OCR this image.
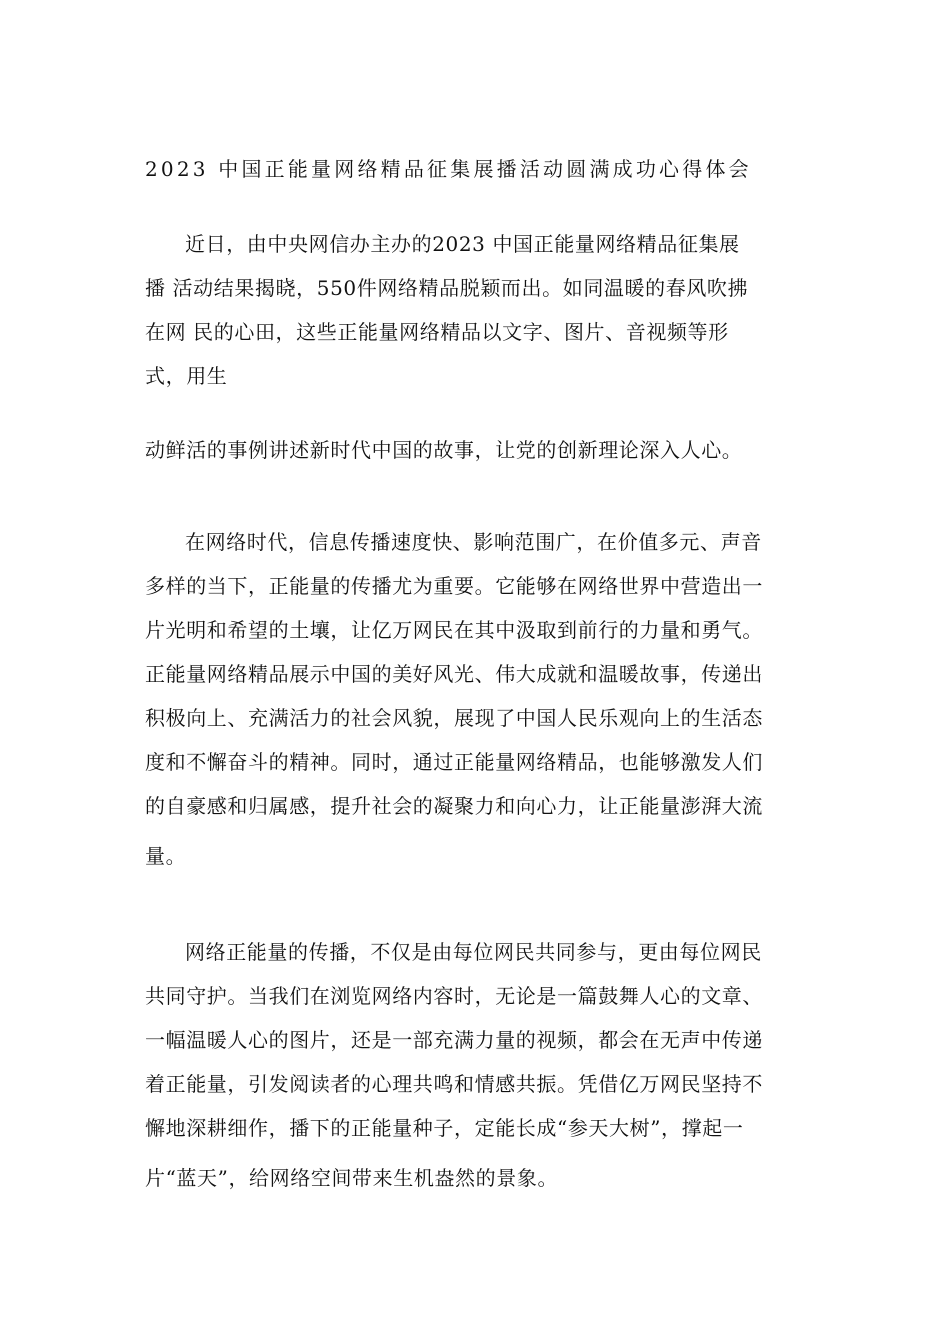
2023 中国正能量网络精品征集展播活动圆满成功心得体会
近日，由中央网信办主办的2023 中国正能量网络精品征集展
播 活动结果揭晓，550件网络精品脱颖而出。如同温暖的春风吹拂
在网 民的心田，这些正能量网络精品以文字、图片、音视频等形
式，用生
动鲜活的事例讲述新时代中国的故事，让党的创新理论深入人心。
在网络时代，信息传播速度快、影响范围广，在价值多元、声音
多样的当下，正能量的传播尤为重要。它能够在网络世界中营造出一
片光明和希望的土壤，让亿万网民在其中汲取到前行的力量和勇气。
正能量网络精品展示中国的美好风光、伟大成就和温暖故事，传递出
积极向上、充满活力的社会风貌，展现了中国人民乐观向上的生活态
度和不懈奋斗的精神。同时，通过正能量网络精品，也能够激发人们
的自豪感和归属感，提升社会的凝聚力和向心力，让正能量澎湃大流
量。
网络正能量的传播，不仅是由每位网民共同参与，更由每位网民
共同守护。当我们在浏览网络内容时，无论是一篇鼓舞人心的文章、
一幅温暖人心的图片，还是一部充满力量的视频，都会在无声中传递
着正能量，引发阅读者的心理共鸣和情感共振。凭借亿万网民坚持不
懈地深耕细作，播下的正能量种子，定能长成“参天大树”，撑起一
片“蓝天”，给网络空间带来生机盎然的景象。
